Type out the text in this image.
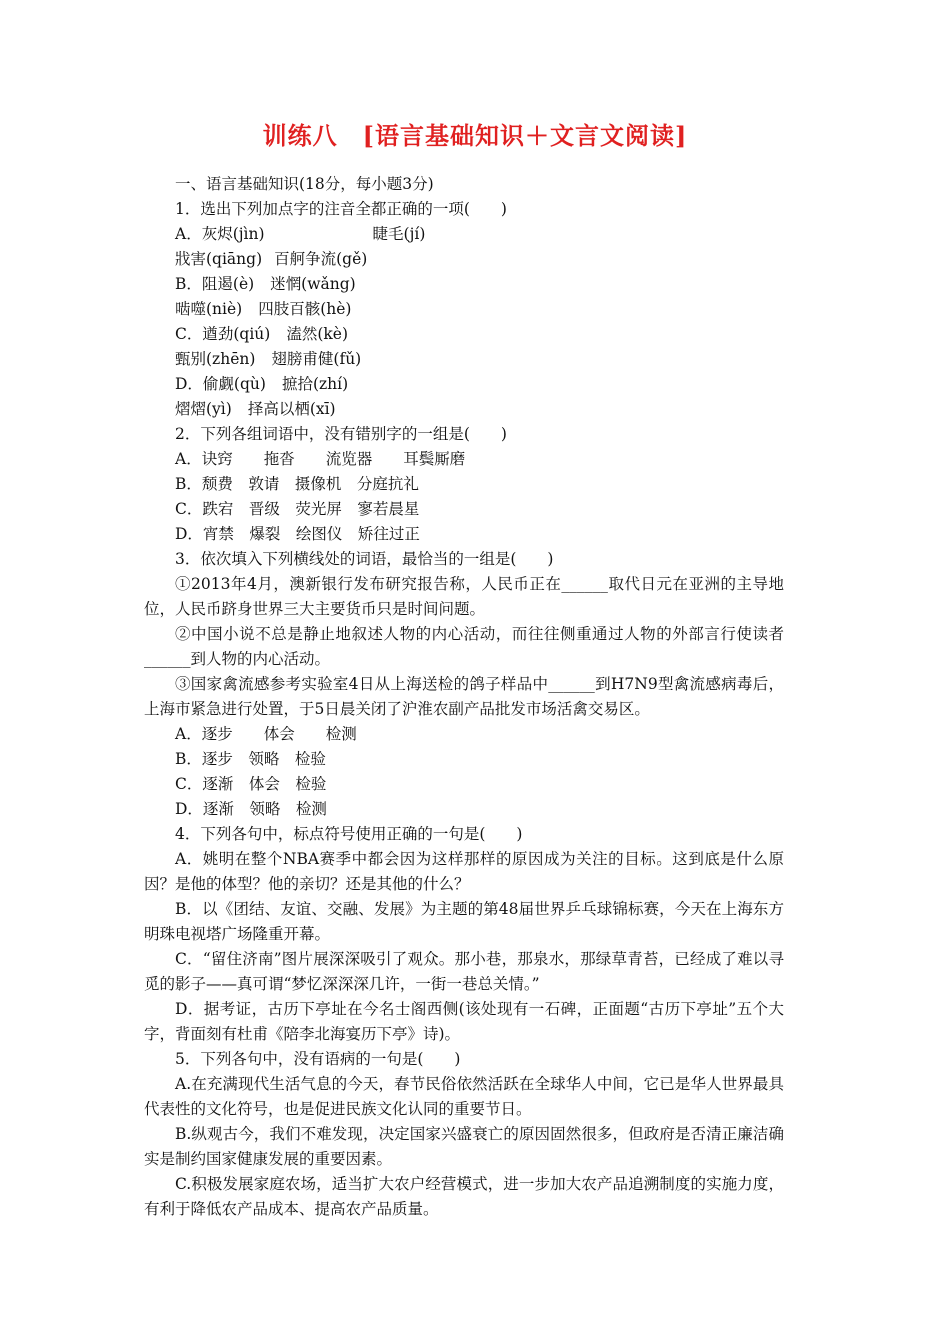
训练八　[语言基础知识＋文言文阅读]
一、语言基础知识(18分，每小题3分)
1．选出下列加点字的注音全都正确的一项(　　)
A．灰烬(jìn)	睫毛(jí)
戕害(qiāng) 百舸争流(gě)
B．阻遏(è) 迷惘(wǎng)
啮噬(niè) 四肢百骸(hè)
C．遒劲(qiú) 溘然(kè)
甄别(zhēn) 翅膀甫健(fǔ)
D．偷觑(qù) 摭拾(zhí)
熠熠(yì) 择高以栖(xī)
2．下列各组词语中，没有错别字的一组是(　　)
A．诀窍　　拖沓　　流览器　　耳鬓厮磨
B．颓费　敦请　摄像机　分庭抗礼
C．跌宕　晋级　荧光屏　寥若晨星
D．宵禁　爆裂　绘图仪　矫往过正
3．依次填入下列横线处的词语，最恰当的一组是(　　)
①2013年4月，澳新银行发布研究报告称，人民币正在______取代日元在亚洲的主导地位，人民币跻身世界三大主要货币只是时间问题。
②中国小说不总是静止地叙述人物的内心活动，而往往侧重通过人物的外部言行使读者______到人物的内心活动。
③国家禽流感参考实验室4日从上海送检的鸽子样品中______到H7N9型禽流感病毒后，上海市紧急进行处置，于5日晨关闭了沪淮农副产品批发市场活禽交易区。
A．逐步　　体会　　检测
B．逐步　领略　检验
C．逐渐　体会　检验
D．逐渐　领略　检测
4．下列各句中，标点符号使用正确的一句是(　　)
A．姚明在整个NBA赛季中都会因为这样那样的原因成为关注的目标。这到底是什么原因？是他的体型？他的亲切？还是其他的什么？
B．以《团结、友谊、交融、发展》为主题的第48届世界乒乓球锦标赛，今天在上海东方明珠电视塔广场隆重开幕。
C．“留住济南”图片展深深吸引了观众。那小巷，那泉水，那绿草青苔，已经成了难以寻觅的影子——真可谓“梦忆深深深几许，一街一巷总关情。”
D．据考证，古历下亭址在今名士阁西侧(该处现有一石碑，正面题“古历下亭址”五个大字，背面刻有杜甫《陪李北海宴历下亭》诗)。
5．下列各句中，没有语病的一句是(　　)
A.在充满现代生活气息的今天，春节民俗依然活跃在全球华人中间，它已是华人世界最具代表性的文化符号，也是促进民族文化认同的重要节日。
B.纵观古今，我们不难发现，决定国家兴盛衰亡的原因固然很多，但政府是否清正廉洁确实是制约国家健康发展的重要因素。
C.积极发展家庭农场，适当扩大农户经营模式，进一步加大农产品追溯制度的实施力度，有利于降低农产品成本、提高农产品质量。
